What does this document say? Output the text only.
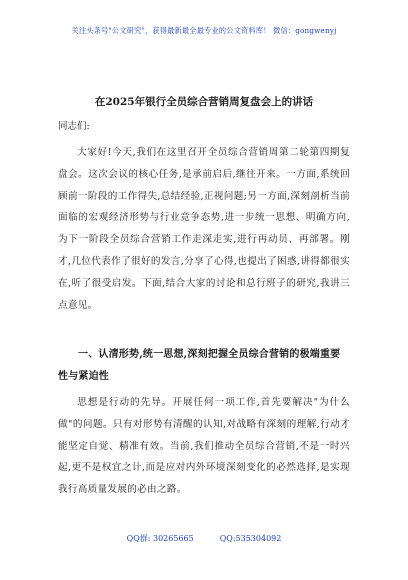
关注头条号"公文研究"，获得最新最全最专业的公文资料库！ 微信：gongwenyj
在2025年银行全员综合营销周复盘会上的讲话
同志们:
大家好!今天,我们在这里召开全员综合营销周第二轮第四期复盘会。这次会议的核心任务,是承前启后,继往开来。一方面,系统回顾前一阶段的工作得失,总结经验,正视问题;另一方面,深刻剖析当前面临的宏观经济形势与行业竞争态势,进一步统一思想、明确方向,为下一阶段全员综合营销工作走深走实,进行再动员、再部署。刚才,几位代表作了很好的发言,分享了心得,也提出了困惑,讲得都很实在,听了很受启发。下面,结合大家的讨论和总行班子的研究,我讲三点意见。
一、认清形势,统一思想,深刻把握全员综合营销的极端重要性与紧迫性
思想是行动的先导。开展任何一项工作,首先要解决"为什么做"的问题。只有对形势有清醒的认知,对战略有深刻的理解,行动才能坚定自觉、精准有效。当前,我们推动全员综合营销,不是一时兴起,更不是权宜之计,而是应对内外环境深刻变化的必然选择,是实现我行高质量发展的必由之路。
QQ群: 30265665	QQ:535304092
